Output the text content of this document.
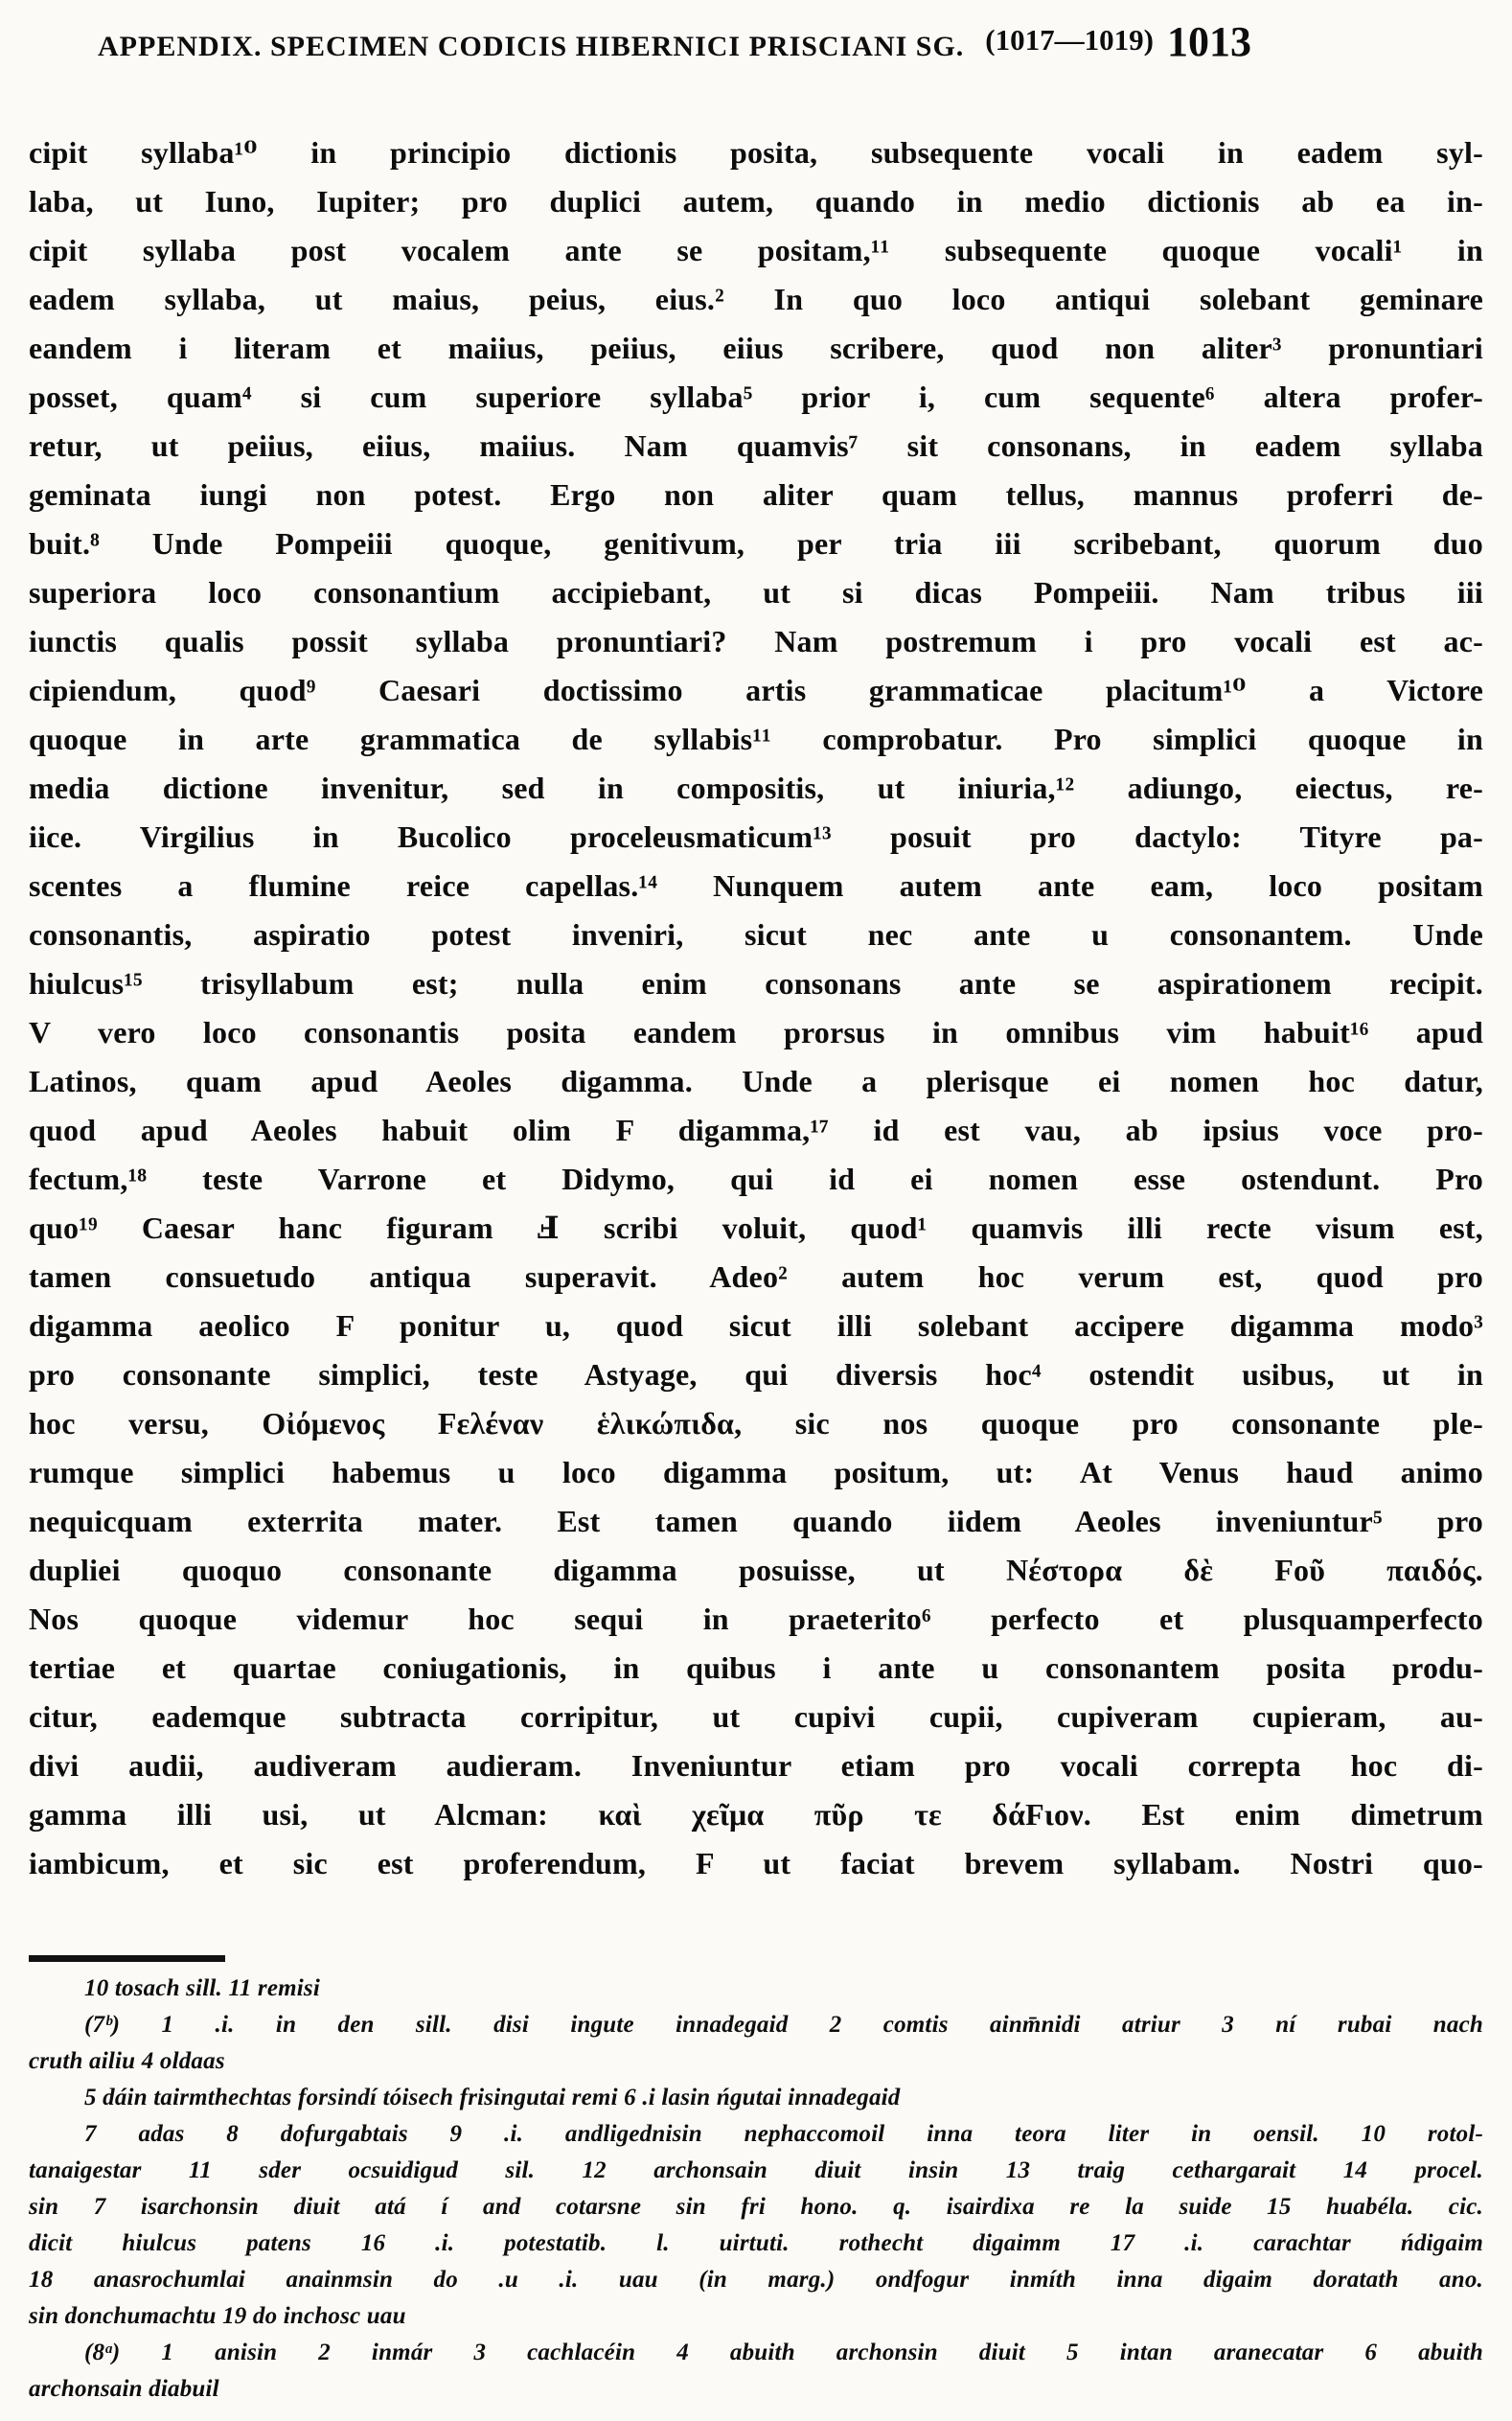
APPENDIX. SPECIMEN CODICIS HIBERNICI PRISCIANI SG. (1017—1019) 1013
cipit syllaba¹⁰ in principio dictionis posita, subsequente vocali in eadem syl-
laba, ut Iuno, Iupiter; pro duplici autem, quando in medio dictionis ab ea in-
cipit syllaba post vocalem ante se positam,¹¹ subsequente quoque vocali¹ in
eadem syllaba, ut maius, peius, eius.² In quo loco antiqui solebant geminare
eandem i literam et maiius, peiius, eiius scribere, quod non aliter³ pronuntiari
posset, quam⁴ si cum superiore syllaba⁵ prior i, cum sequente⁶ altera profer-
retur, ut peiius, eiius, maiius. Nam quamvis⁷ sit consonans, in eadem syllaba
geminata iungi non potest. Ergo non aliter quam tellus, mannus proferri de-
buit.⁸ Unde Pompeiii quoque, genitivum, per tria iii scribebant, quorum duo
superiora loco consonantium accipiebant, ut si dicas Pompeiii. Nam tribus iii
iunctis qualis possit syllaba pronuntiari? Nam postremum i pro vocali est ac-
cipiendum, quod⁹ Caesari doctissimo artis grammaticae placitum¹⁰ a Victore
quoque in arte grammatica de syllabis¹¹ comprobatur. Pro simplici quoque in
media dictione invenitur, sed in compositis, ut iniuria,¹² adiungo, eiectus, re-
iice. Virgilius in Bucolico proceleusmaticum¹³ posuit pro dactylo: Tityre pa-
scentes a flumine reice capellas.¹⁴ Nunquem autem ante eam, loco positam
consonantis, aspiratio potest inveniri, sicut nec ante u consonantem. Unde
hiulcus¹⁵ trisyllabum est; nulla enim consonans ante se aspirationem recipit.
V vero loco consonantis posita eandem prorsus in omnibus vim habuit¹⁶ apud
Latinos, quam apud Aeoles digamma. Unde a plerisque ei nomen hoc datur,
quod apud Aeoles habuit olim F digamma,¹⁷ id est vau, ab ipsius voce pro-
fectum,¹⁸ teste Varrone et Didymo, qui id ei nomen esse ostendunt. Pro
quo¹⁹ Caesar hanc figuram Ⅎ scribi voluit, quod¹ quamvis illi recte visum est,
tamen consuetudo antiqua superavit. Adeo² autem hoc verum est, quod pro
digamma aeolico F ponitur u, quod sicut illi solebant accipere digamma modo³
pro consonante simplici, teste Astyage, qui diversis hoc⁴ ostendit usibus, ut in
hoc versu, Οἰόμενος Fελέναν ἑλικώπιδα, sic nos quoque pro consonante ple-
rumque simplici habemus u loco digamma positum, ut: At Venus haud animo
nequicquam exterrita mater. Est tamen quando iidem Aeoles inveniuntur⁵ pro
dupliei quoquo consonante digamma posuisse, ut Νέστορα δὲ Fοῦ παιδός.
Nos quoque videmur hoc sequi in praeterito⁶ perfecto et plusquamperfecto
tertiae et quartae coniugationis, in quibus i ante u consonantem posita produ-
citur, eademque subtracta corripitur, ut cupivi cupii, cupiveram cupieram, au-
divi audii, audiveram audieram. Inveniuntur etiam pro vocali correpta hoc di-
gamma illi usi, ut Alcman: καὶ χεῖμα πῦρ τε δάFιον. Est enim dimetrum
iambicum, et sic est proferendum, F ut faciat brevem syllabam. Nostri quo-
10 tosach sill. 11 remisi
(7ᵇ) 1 .i. in den sill. disi ingute innadegaid 2 comtis ainm̄nidi atriur 3 ní rubai nach
cruth ailiu 4 oldaas
5 dáin tairmthechtas forsindí tóisech frisingutai remi 6 .i lasin ńgutai innadegaid
7 adas 8 dofurgabtais 9 .i. andligednisin nephaccomoil inna teora liter in oensil. 10 rotol-
tanaigestar 11 sder ocsuidigud sil. 12 archonsain diuit insin 13 traig cethargarait 14 procel.
sin 7 isarchonsin diuit atá í and cotarsne sin fri hono. q. isairdixa re la suide 15 huabéla. cic.
dicit hiulcus patens 16 .i. potestatib. l. uirtuti. rothecht digaimm 17 .i. carachtar ńdigaim
18 anasrochumlai anainmsin do .u .i. uau (in marg.) ondfogur inmíth inna digaim doratath ano.
sin donchumachtu 19 do inchosc uau
(8ᵃ) 1 anisin 2 inmár 3 cachlacéin 4 abuith archonsin diuit 5 intan aranecatar 6 abuith
archonsain diabuil
